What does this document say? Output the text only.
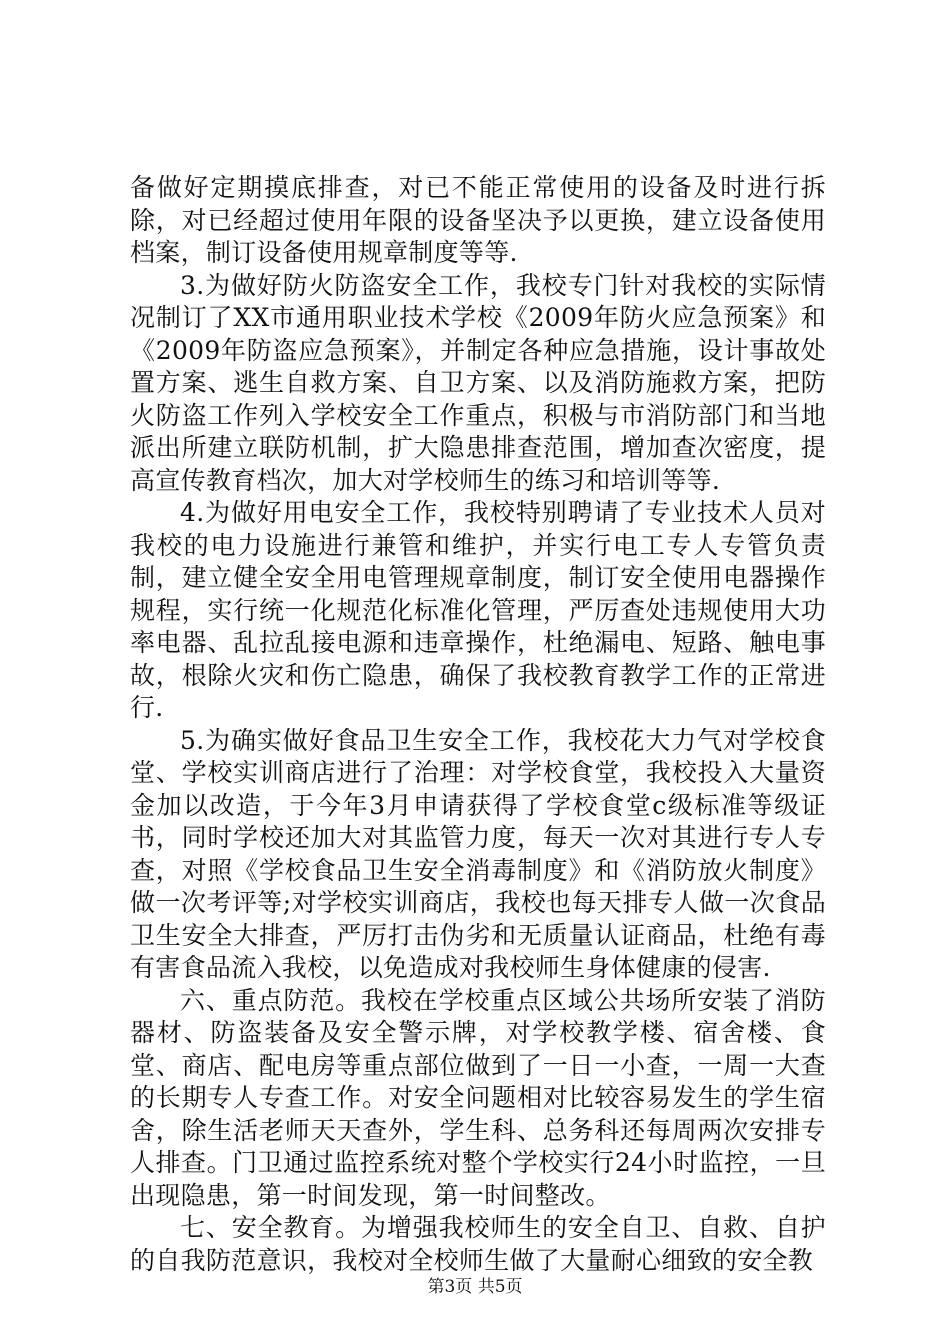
备做好定期摸底排查，对已不能正常使用的设备及时进行拆除，对已经超过使用年限的设备坚决予以更换，建立设备使用档案，制订设备使用规章制度等等.

3.为做好防火防盗安全工作，我校专门针对我校的实际情况制订了XX市通用职业技术学校《2009年防火应急预案》和《2009年防盗应急预案》，并制定各种应急措施，设计事故处置方案、逃生自救方案、自卫方案、以及消防施救方案，把防火防盗工作列入学校安全工作重点，积极与市消防部门和当地派出所建立联防机制，扩大隐患排查范围，增加查次密度，提高宣传教育档次，加大对学校师生的练习和培训等等.

4.为做好用电安全工作，我校特别聘请了专业技术人员对我校的电力设施进行兼管和维护，并实行电工专人专管负责制，建立健全安全用电管理规章制度，制订安全使用电器操作规程，实行统一化规范化标准化管理，严厉查处违规使用大功率电器、乱拉乱接电源和违章操作，杜绝漏电、短路、触电事故，根除火灾和伤亡隐患，确保了我校教育教学工作的正常进行.

5.为确实做好食品卫生安全工作，我校花大力气对学校食堂、学校实训商店进行了治理：对学校食堂，我校投入大量资金加以改造，于今年3月申请获得了学校食堂c级标准等级证书，同时学校还加大对其监管力度，每天一次对其进行专人专查，对照《学校食品卫生安全消毒制度》和《消防放火制度》做一次考评等;对学校实训商店，我校也每天排专人做一次食品卫生安全大排查，严厉打击伪劣和无质量认证商品，杜绝有毒有害食品流入我校，以免造成对我校师生身体健康的侵害.

六、重点防范。我校在学校重点区域公共场所安装了消防器材、防盗装备及安全警示牌，对学校教学楼、宿舍楼、食堂、商店、配电房等重点部位做到了一日一小查，一周一大查的长期专人专查工作。对安全问题相对比较容易发生的学生宿舍，除生活老师天天查外，学生科、总务科还每周两次安排专人排查。门卫通过监控系统对整个学校实行24小时监控，一旦出现隐患，第一时间发现，第一时间整改。

七、安全教育。为增强我校师生的安全自卫、自救、自护的自我防范意识，我校对全校师生做了大量耐心细致的安全教

第3页 共5页
